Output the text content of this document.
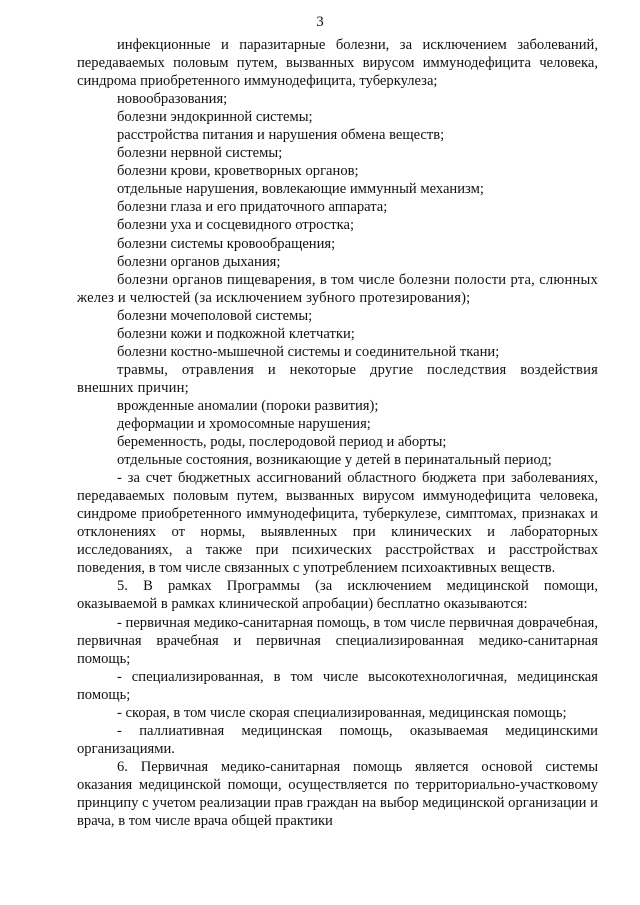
3

инфекционные и паразитарные болезни, за исключением заболеваний, передаваемых половым путем, вызванных вирусом иммунодефицита человека, синдрома приобретенного иммунодефицита, туберкулеза;

новообразования;

болезни эндокринной системы;

расстройства питания и нарушения обмена веществ;

болезни нервной системы;

болезни крови, кроветворных органов;

отдельные нарушения, вовлекающие иммунный механизм;

болезни глаза и его придаточного аппарата;

болезни уха и сосцевидного отростка;

болезни системы кровообращения;

болезни органов дыхания;

болезни органов пищеварения, в том числе болезни полости рта, слюнных желез и челюстей (за исключением зубного протезирования);

болезни мочеполовой системы;

болезни кожи и подкожной клетчатки;

болезни костно-мышечной системы и соединительной ткани;

травмы, отравления и некоторые другие последствия воздействия внешних причин;

врожденные аномалии (пороки развития);

деформации и хромосомные нарушения;

беременность, роды, послеродовой период и аборты;

отдельные состояния, возникающие у детей в перинатальный период;

- за счет бюджетных ассигнований областного бюджета при заболеваниях, передаваемых половым путем, вызванных вирусом иммунодефицита человека, синдроме приобретенного иммунодефицита, туберкулезе, симптомах, признаках и отклонениях от нормы, выявленных при клинических и лабораторных исследованиях, а также при психических расстройствах и расстройствах поведения, в том числе связанных с употреблением психоактивных веществ.

5. В рамках Программы (за исключением медицинской помощи, оказываемой в рамках клинической апробации) бесплатно оказываются:

- первичная медико-санитарная помощь, в том числе первичная доврачебная, первичная врачебная и первичная специализированная медико-санитарная помощь;

- специализированная, в том числе высокотехнологичная, медицинская помощь;

- скорая, в том числе скорая специализированная, медицинская помощь;

- паллиативная медицинская помощь, оказываемая медицинскими организациями.

6. Первичная медико-санитарная помощь является основой системы оказания медицинской помощи, осуществляется по территориально-участковому принципу с учетом реализации прав граждан на выбор медицинской организации и врача, в том числе врача общей практики
